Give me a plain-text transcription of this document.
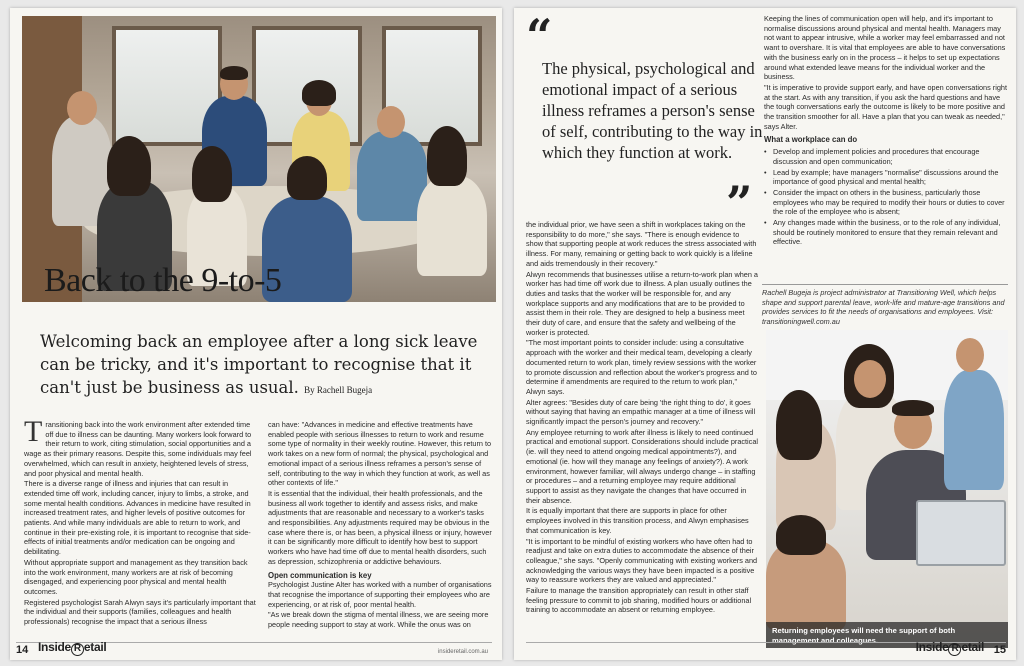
Back to the 9-to-5
Welcoming back an employee after a long sick leave can be tricky, and it's important to recognise that it can't just be business as usual. By Rachell Bugeja

Transitioning back into the work environment after extended time off due to illness can be daunting. Many workers look forward to their return to work, citing stimulation, social opportunities and a wage as their primary reasons. Despite this, some individuals may feel overwhelmed, which can result in anxiety, heightened levels of stress, and poor physical and mental health.

There is a diverse range of illness and injuries that can result in extended time off work, including cancer, injury to limbs, a stroke, and some mental health conditions. Advances in medicine have resulted in increased treatment rates, and higher levels of positive outcomes for patients. And while many individuals are able to return to work, and continue in their pre-existing role, it is important to recognise that side-effects of initial treatments and/or medication can be ongoing and debilitating.

Without appropriate support and management as they transition back into the work environment, many workers are at risk of becoming disengaged, and experiencing poor physical and mental health outcomes.

Registered psychologist Sarah Alwyn says it's particularly important that the individual and their supports (families, colleagues and health professionals) recognise the impact that a serious illness

can have: "Advances in medicine and effective treatments have enabled people with serious illnesses to return to work and resume some type of normality in their weekly routine. However, this return to work takes on a new form of normal; the physical, psychological and emotional impact of a serious illness reframes a person's sense of self, contributing to the way in which they function at work, as well as other contexts of life."

It is essential that the individual, their health professionals, and the business all work together to identify and assess risks, and make adjustments that are reasonable and necessary to a worker's tasks and responsibilities. Any adjustments required may be obvious in the case where there is, or has been, a physical illness or injury, however it can be significantly more difficult to identify how best to support workers who have had time off due to mental health disorders, such as depression, schizophrenia or addictive behaviours.

Open communication is key

Psychologist Justine Alter has worked with a number of organisations that recognise the importance of supporting their employees who are experiencing, or at risk of, poor mental health.

"As we break down the stigma of mental illness, we are seeing more people needing support to stay at work. While the onus was on

14 Inside R etail	insideretail.com.au
“
The physical, psychological and emotional impact of a serious illness reframes a person's sense of self, contributing to the way in which they function at work.
”

the individual prior, we have seen a shift in workplaces taking on the responsibility to do more," she says. "There is enough evidence to show that supporting people at work reduces the stress associated with illness. For many, remaining or getting back to work quickly is a lifeline and aids tremendously in their recovery."

Alwyn recommends that businesses utilise a return-to-work plan when a worker has had time off work due to illness. A plan usually outlines the duties and tasks that the worker will be responsible for, and any workplace supports and any modifications that are to be provided to assist them in their role. They are designed to help a business meet their duty of care, and ensure that the safety and wellbeing of the worker is protected.

"The most important points to consider include: using a consultative approach with the worker and their medical team, developing a clearly documented return to work plan, timely review sessions with the worker to promote discussion and reflection about the worker's progress and to determine if amendments are required to the return to work plan," Alwyn says.

Alter agrees: "Besides duty of care being 'the right thing to do', it goes without saying that having an empathic manager at a time of illness will significantly impact the person's journey and recovery."

Any employee returning to work after illness is likely to need continued practical and emotional support. Considerations should include practical (ie. will they need to attend ongoing medical appointments?), and emotional (ie. how will they manage any feelings of anxiety?). A work environment, however familiar, will always undergo change – in staffing or procedures – and a returning employee may require additional support to assist as they navigate the changes that have occurred in their absence.

It is equally important that there are supports in place for other employees involved in this transition process, and Alwyn emphasises that communication is key.

"It is important to be mindful of existing workers who have often had to readjust and take on extra duties to accommodate the absence of their colleague," she says. "Openly communicating with existing workers and acknowledging the various ways they have been impacted is a positive way to reassure workers they are valued and appreciated."

Failure to manage the transition appropriately can result in other staff feeling pressure to commit to job sharing, modified hours or additional training to accommodate an absent or returning employee.

Keeping the lines of communication open will help, and it's important to normalise discussions around physical and mental health. Managers may not want to appear intrusive, while a worker may feel embarrassed and not want to overshare. It is vital that employees are able to have conversations with the business early on in the process – it helps to set up expectations around what extended leave means for the individual worker and the business.

"It is imperative to provide support early, and have open conversations right at the start. As with any transition, if you ask the hard questions and have the tough conversations early the outcome is likely to be more positive and the transition smoother for all. Have a plan that you can tweak as needed," says Alter.

What a workplace can do
• Develop and implement policies and procedures that encourage discussion and open communication;
• Lead by example; have managers "normalise" discussions around the importance of good physical and mental health;
• Consider the impact on others in the business, particularly those employees who may be required to modify their hours or duties to cover the role of the employee who is absent;
• Any changes made within the business, or to the role of any individual, should be routinely monitored to ensure that they remain relevant and effective.
Rachell Bugeja is project administrator at Transitioning Well, which helps shape and support parental leave, work-life and mature-age transitions and provides services to fit the needs of organisations and employees. Visit: transitioningwell.com.au
Returning employees will need the support of both management and colleagues.	Inside R etail 15
